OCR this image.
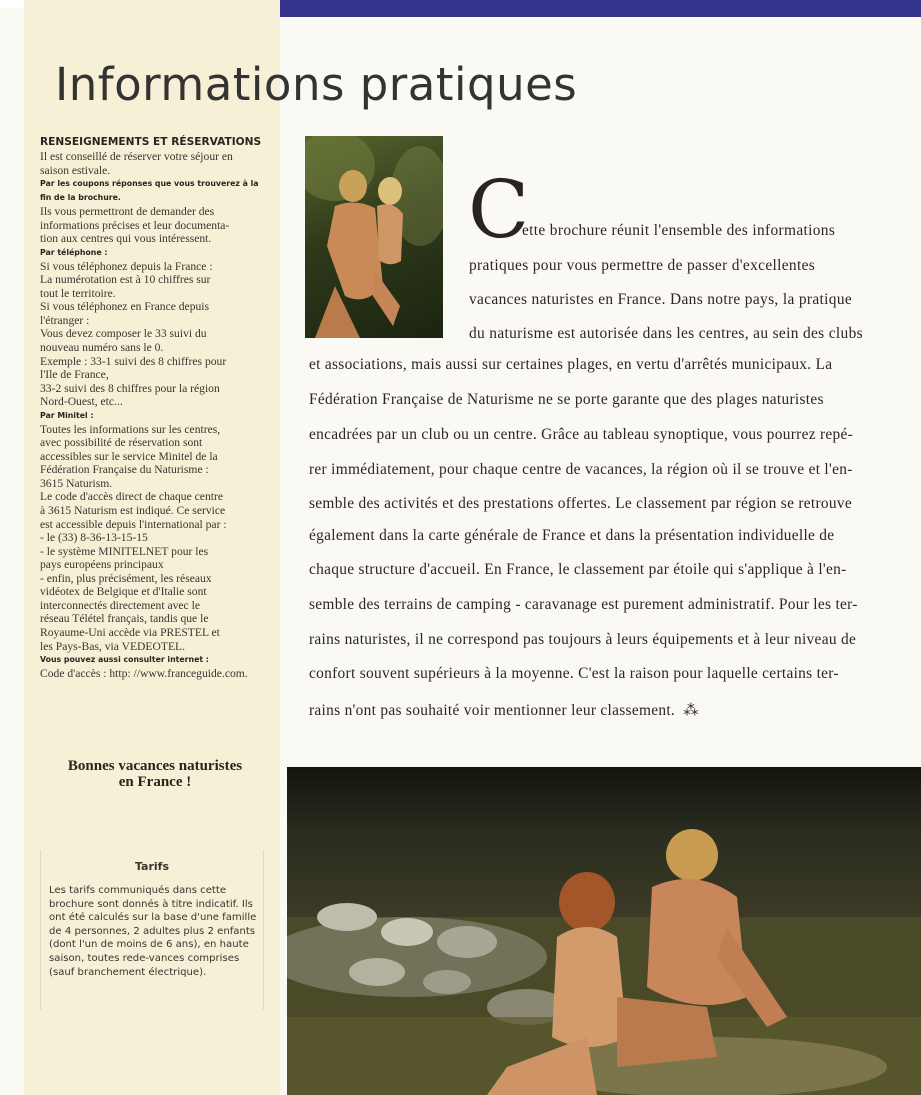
Informations pratiques

RENSEIGNEMENTS ET RÉSERVATIONS

Il est conseillé de réserver votre séjour en

saison estivale.

Par les coupons réponses que vous trouverez à la

fin de la brochure.

Ils vous permettront de demander des

informations précises et leur documenta-

tion aux centres qui vous intéressent.

Par téléphone :

Si vous téléphonez depuis la France :

La numérotation est à 10 chiffres sur

tout le territoire.

Si vous téléphonez en France depuis

l'étranger :

Vous devez composer le 33 suivi du

nouveau numéro sans le 0.

Exemple : 33-1 suivi des 8 chiffres pour

l'Ile de France,

33-2 suivi des 8 chiffres pour la région

Nord-Ouest, etc...

Par Minitel :

Toutes les informations sur les centres,

avec possibilité de réservation sont

accessibles sur le service Minitel de la

Fédération Française du Naturisme :

3615 Naturism.

Le code d'accès direct de chaque centre

à 3615 Naturism est indiqué. Ce service

est accessible depuis l'international par :

- le (33) 8-36-13-15-15

- le système MINITELNET pour les

pays européens principaux

- enfin, plus précisément, les réseaux

vidéotex de Belgique et d'Italie sont

interconnectés directement avec le

réseau Télétel français, tandis que le

Royaume-Uni accède via PRESTEL et

les Pays-Bas, via VEDEOTEL.

Vous pouvez aussi consulter internet :

Code d'accès : http: //www.franceguide.com.

Bonnes vacances naturistes
en France !

Tarifs

Les tarifs communiqués dans cette brochure sont donnés à titre indicatif. Ils ont été calculés sur la base d'une famille de 4 personnes, 2 adultes plus 2 enfants (dont l'un de moins de 6 ans), en haute saison, toutes rede-vances comprises (sauf branchement électrique).

C

ette brochure réunit l'ensemble des informations

pratiques pour vous permettre de passer d'excellentes

vacances naturistes en France. Dans notre pays, la pratique

du naturisme est autorisée dans les centres, au sein des clubs

et associations, mais aussi sur certaines plages, en vertu d'arrêtés municipaux. La

Fédération Française de Naturisme ne se porte garante que des plages naturistes

encadrées par un club ou un centre. Grâce au tableau synoptique, vous pourrez repé-

rer immédiatement, pour chaque centre de vacances, la région où il se trouve et l'en-

semble des activités et des prestations offertes. Le classement par région se retrouve

également dans la carte générale de France et dans la présentation individuelle de

chaque structure d'accueil. En France, le classement par étoile qui s'applique à l'en-

semble des terrains de camping - caravanage est purement administratif. Pour les ter-

rains naturistes, il ne correspond pas toujours à leurs équipements et à leur niveau de

confort souvent supérieurs à la moyenne. C'est la raison pour laquelle certains ter-

rains n'ont pas souhaité voir mentionner leur classement. ⁂
